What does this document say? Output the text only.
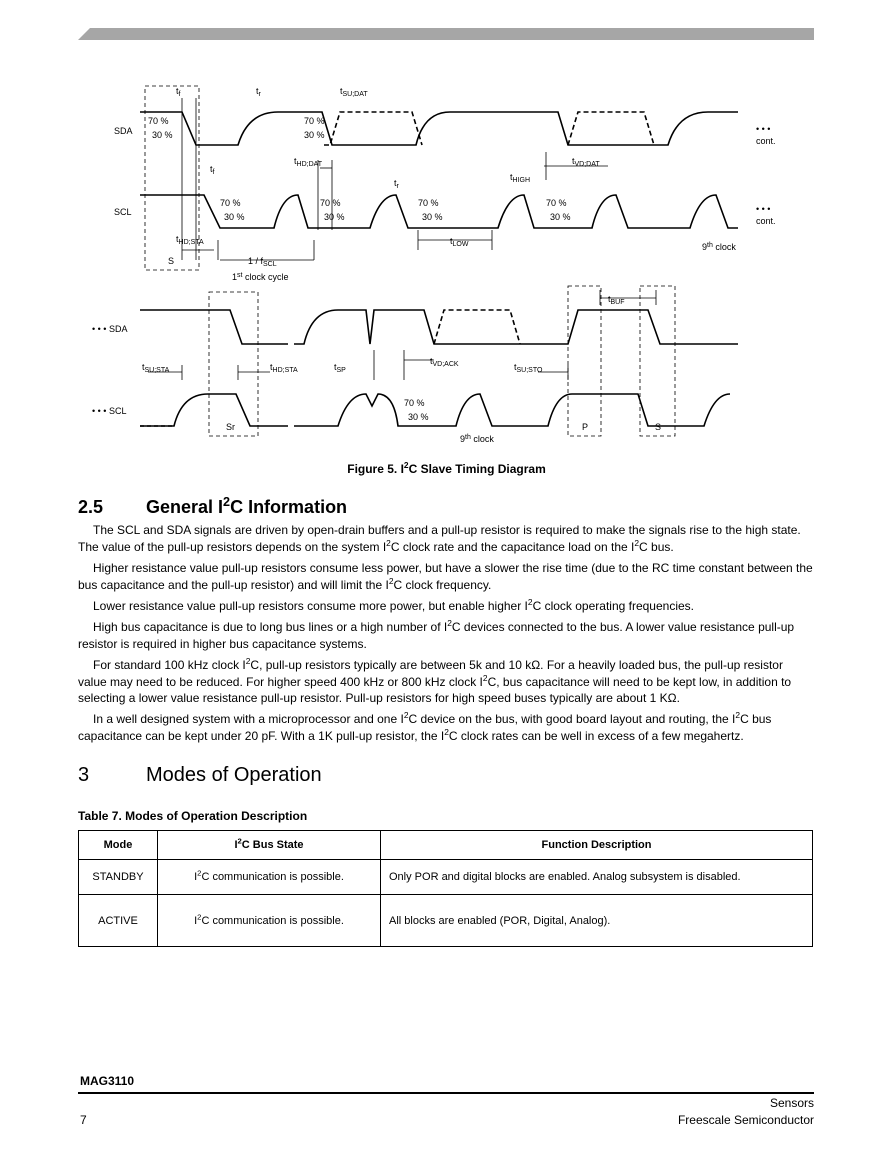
SDA
SCL
• • • SDA
• • • SCL
• • •
cont.
• • •
cont.
70 %
30 %
70 %
30 %
70 %
30 %
70 %
30 %
70 %
30 %
70 %
30 %
70 %
30 %
$t_f$	$t_r$	$t_{SU;DAT}$
$t_{HD;DAT}$	$t_{VD;DAT}$
$t_f$
$t_r$
$t_{HIGH}$
$t_{LOW}$
$t_{HD;STA}$
S	$1 / f_{SCL}$
1st clock cycle
9th clock
$t_{BUF}$
$t_{SU;STA}$	$t_{HD;STA}$	$t_{SP}$
$t_{VD;ACK}$	$t_{SU;STO}$
Sr	P	S
9th clock
Figure 5. $I^2C$ Slave Timing Diagram
2.5 General $I^2C$ Information
The SCL and SDA signals are driven by open-drain buffers and a pull-up resistor is required to make the signals rise to the high state. The value of the pull-up resistors depends on the system $I^2C$ clock rate and the capacitance load on the $I^2C$ bus.
Higher resistance value pull-up resistors consume less power, but have a slower the rise time (due to the RC time constant between the bus capacitance and the pull-up resistor) and will limit the $I^2C$ clock frequency.
Lower resistance value pull-up resistors consume more power, but enable higher $I^2C$ clock operating frequencies.
High bus capacitance is due to long bus lines or a high number of $I^2C$ devices connected to the bus. A lower value resistance pull-up resistor is required in higher bus capacitance systems.
For standard 100 kHz clock $I^2C$, pull-up resistors typically are between 5k and 10 kΩ. For a heavily loaded bus, the pull-up resistor value may need to be reduced. For higher speed 400 kHz or 800 kHz clock $I^2C$, bus capacitance will need to be kept low, in addition to selecting a lower value resistance pull-up resistor. Pull-up resistors for high speed buses typically are about 1 KΩ.
In a well designed system with a microprocessor and one $I^2C$ device on the bus, with good board layout and routing, the $I^2C$ bus capacitance can be kept under 20 pF. With a 1K pull-up resistor, the $I^2C$ clock rates can be well in excess of a few megahertz.
3	Modes of Operation
Table 7. Modes of Operation Description
Mode	$I^2C$ Bus State	Function Description
STANDBY	$I^2C$ communication is possible.	Only POR and digital blocks are enabled. Analog subsystem is disabled.
ACTIVE	$I^2C$ communication is possible.	All blocks are enabled (POR, Digital, Analog).
MAG3110
7
Sensors
Freescale Semiconductor
